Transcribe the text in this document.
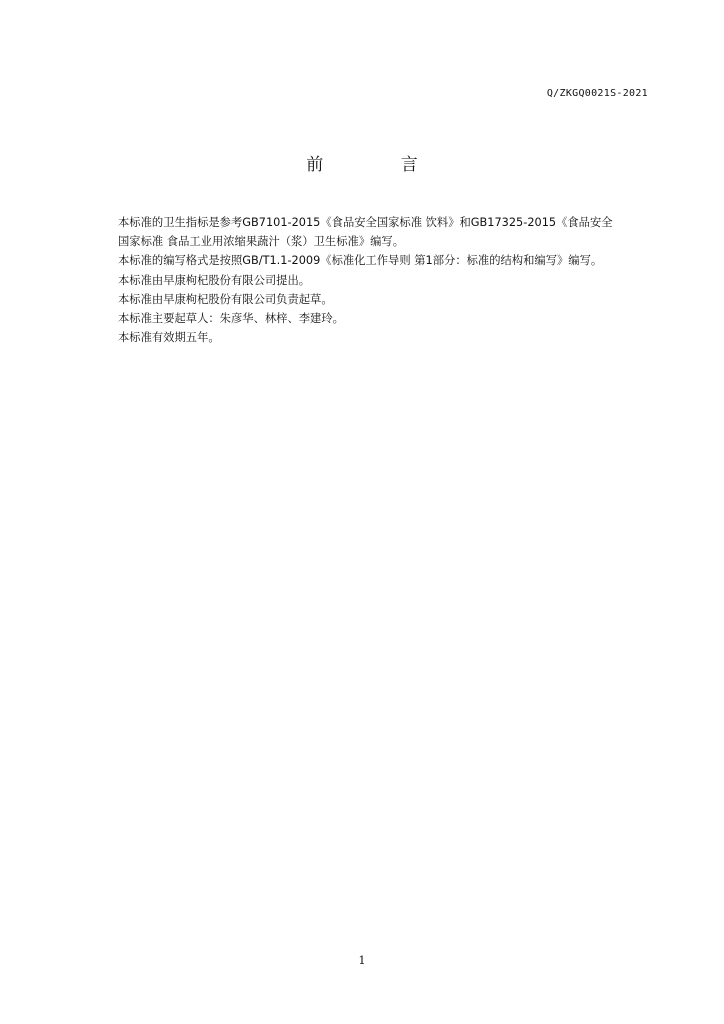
Q/ZKGQ0021S-2021
前 言

本标准的卫生指标是参考GB7101-2015《食品安全国家标准 饮料》和GB17325-2015《食品安全

国家标准 食品工业用浓缩果蔬汁（浆）卫生标准》编写。

本标准的编写格式是按照GB/T1.1-2009《标准化工作导则 第1部分：标准的结构和编写》编写。

本标准由早康枸杞股份有限公司提出。

本标准由早康枸杞股份有限公司负责起草。

本标准主要起草人：朱彦华、林梓、李建玲。

本标准有效期五年。

1
